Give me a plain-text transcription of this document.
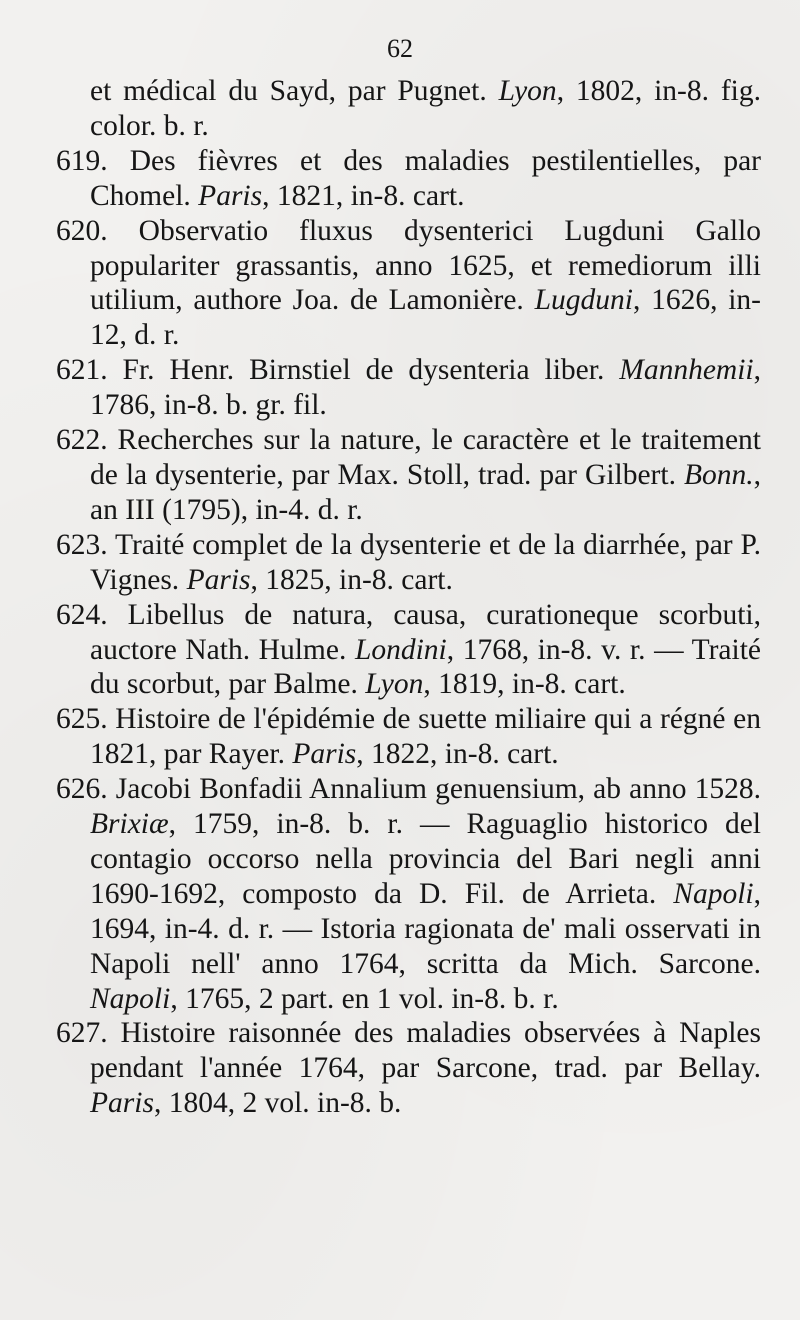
62

et médical du Sayd, par Pugnet. Lyon, 1802, in-8. fig. color. b. r.

619. Des fièvres et des maladies pestilentielles, par Chomel. Paris, 1821, in-8. cart.

620. Observatio fluxus dysenterici Lugduni Gallo populariter grassantis, anno 1625, et remediorum illi utilium, authore Joa. de Lamonière. Lugduni, 1626, in-12, d. r.

621. Fr. Henr. Birnstiel de dysenteria liber. Mannhemii, 1786, in-8. b. gr. fil.

622. Recherches sur la nature, le caractère et le traitement de la dysenterie, par Max. Stoll, trad. par Gilbert. Bonn., an III (1795), in-4. d. r.

623. Traité complet de la dysenterie et de la diarrhée, par P. Vignes. Paris, 1825, in-8. cart.

624. Libellus de natura, causa, curationeque scorbuti, auctore Nath. Hulme. Londini, 1768, in-8. v. r. — Traité du scorbut, par Balme. Lyon, 1819, in-8. cart.

625. Histoire de l'épidémie de suette miliaire qui a régné en 1821, par Rayer. Paris, 1822, in-8. cart.

626. Jacobi Bonfadii Annalium genuensium, ab anno 1528. Brixiæ, 1759, in-8. b. r. — Raguaglio historico del contagio occorso nella provincia del Bari negli anni 1690-1692, composto da D. Fil. de Arrieta. Napoli, 1694, in-4. d. r. — Istoria ragionata de' mali osservati in Napoli nell' anno 1764, scritta da Mich. Sarcone. Napoli, 1765, 2 part. en 1 vol. in-8. b. r.

627. Histoire raisonnée des maladies observées à Naples pendant l'année 1764, par Sarcone, trad. par Bellay. Paris, 1804, 2 vol. in-8. b.
